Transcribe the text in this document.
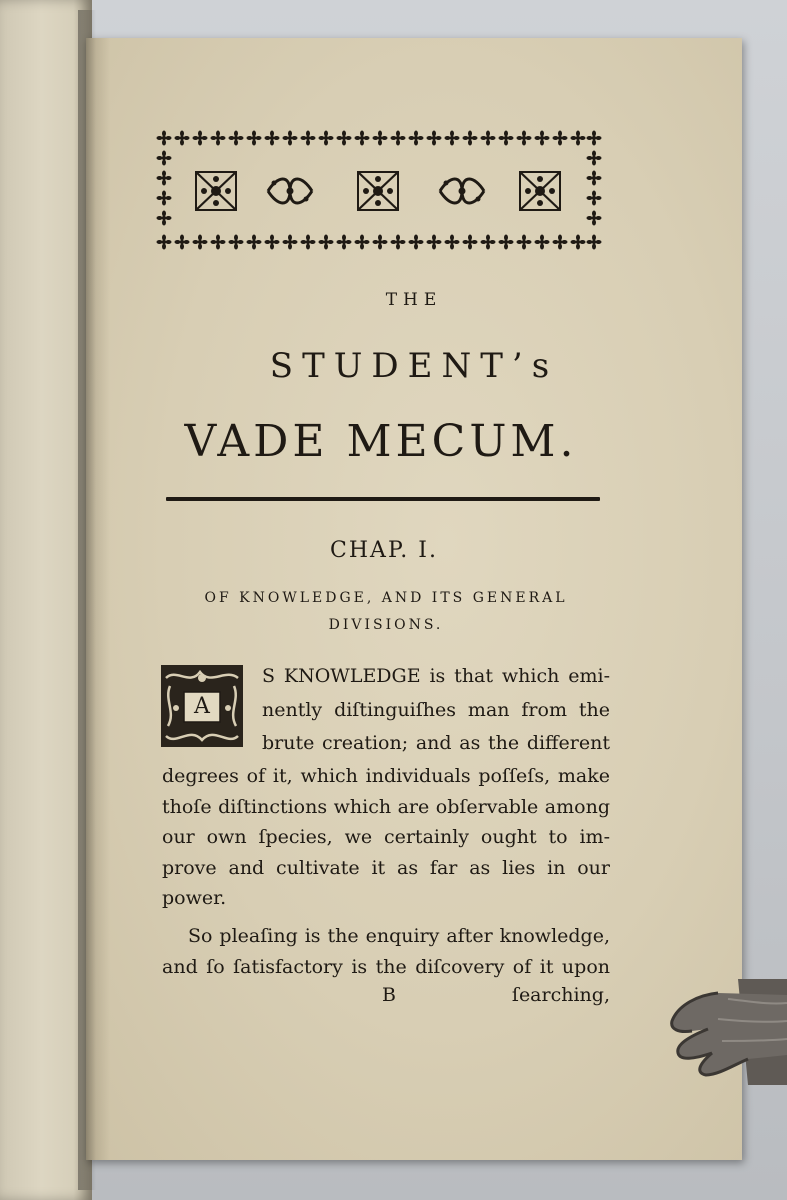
THE
STUDENT’s
VADE MECUM.
CHAP. I.
OF KNOWLEDGE, AND ITS GENERAL
DIVISIONS.
A
S KNOWLEDGE is that which emi-
nently diſtinguiſhes man from the
brute creation; and as the different
degrees of it, which individuals poſſeſs, make
thoſe diſtinctions which are obſervable among
our own ſpecies, we certainly ought to im-
prove and cultivate it as far as lies in our
power.
So pleaſing is the enquiry after knowledge,
and ſo ſatisfactory is the diſcovery of it upon
B	ſearching,
